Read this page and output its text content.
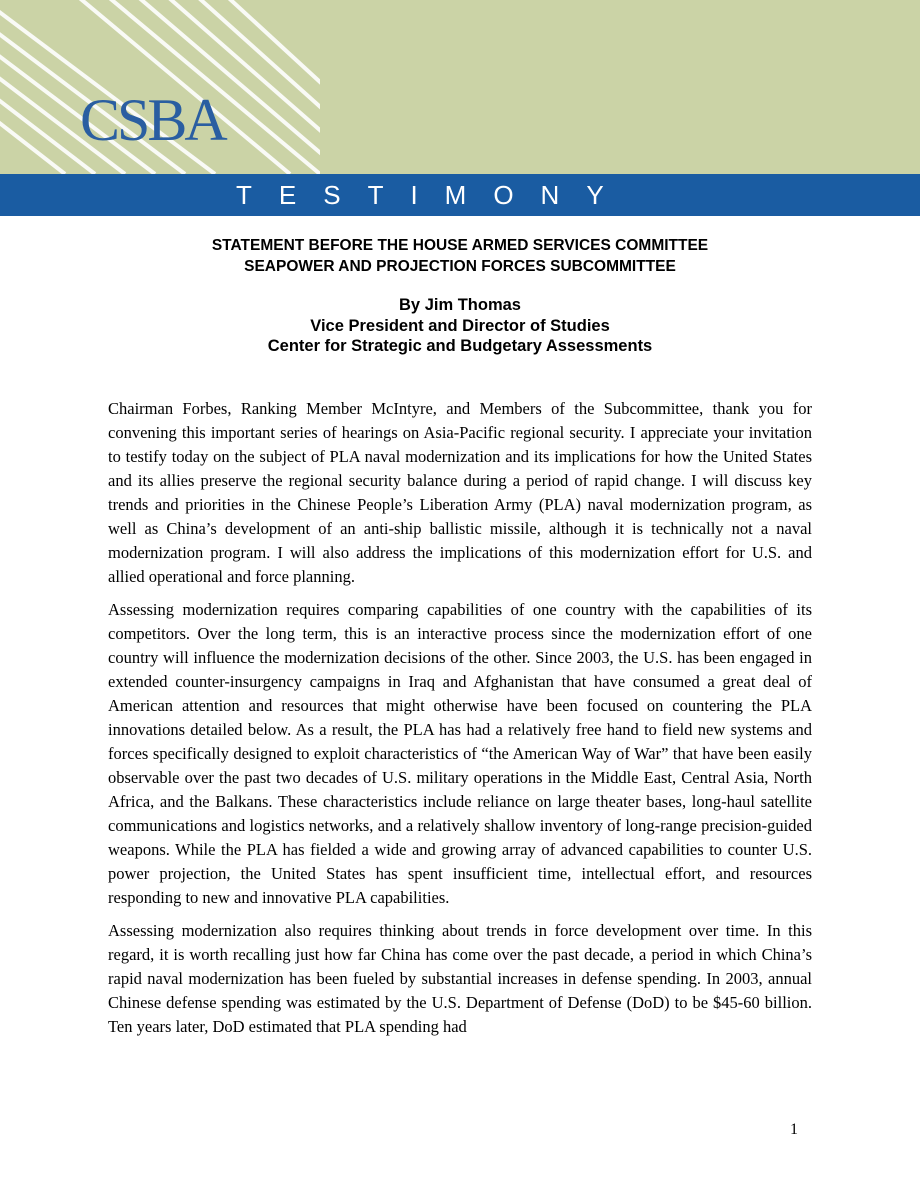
CSBA
TESTIMONY
STATEMENT BEFORE THE HOUSE ARMED SERVICES COMMITTEE
SEAPOWER AND PROJECTION FORCES SUBCOMMITTEE
By Jim Thomas
Vice President and Director of Studies
Center for Strategic and Budgetary Assessments

Chairman Forbes, Ranking Member McIntyre, and Members of the Subcommittee, thank you for convening this important series of hearings on Asia-Pacific regional security. I appreciate your invitation to testify today on the subject of PLA naval modernization and its implications for how the United States and its allies preserve the regional security balance during a period of rapid change. I will discuss key trends and priorities in the Chinese People’s Liberation Army (PLA) naval modernization program, as well as China’s development of an anti-ship ballistic missile, although it is technically not a naval modernization program. I will also address the implications of this modernization effort for U.S. and allied operational and force planning.

Assessing modernization requires comparing capabilities of one country with the capabilities of its competitors. Over the long term, this is an interactive process since the modernization effort of one country will influence the modernization decisions of the other. Since 2003, the U.S. has been engaged in extended counter-insurgency campaigns in Iraq and Afghanistan that have consumed a great deal of American attention and resources that might otherwise have been focused on countering the PLA innovations detailed below. As a result, the PLA has had a relatively free hand to field new systems and forces specifically designed to exploit characteristics of “the American Way of War” that have been easily observable over the past two decades of U.S. military operations in the Middle East, Central Asia, North Africa, and the Balkans. These characteristics include reliance on large theater bases, long-haul satellite communications and logistics networks, and a relatively shallow inventory of long-range precision-guided weapons. While the PLA has fielded a wide and growing array of advanced capabilities to counter U.S. power projection, the United States has spent insufficient time, intellectual effort, and resources responding to new and innovative PLA capabilities.

Assessing modernization also requires thinking about trends in force development over time. In this regard, it is worth recalling just how far China has come over the past decade, a period in which China’s rapid naval modernization has been fueled by substantial increases in defense spending. In 2003, annual Chinese defense spending was estimated by the U.S. Department of Defense (DoD) to be $45-60 billion. Ten years later, DoD estimated that PLA spending had

1
